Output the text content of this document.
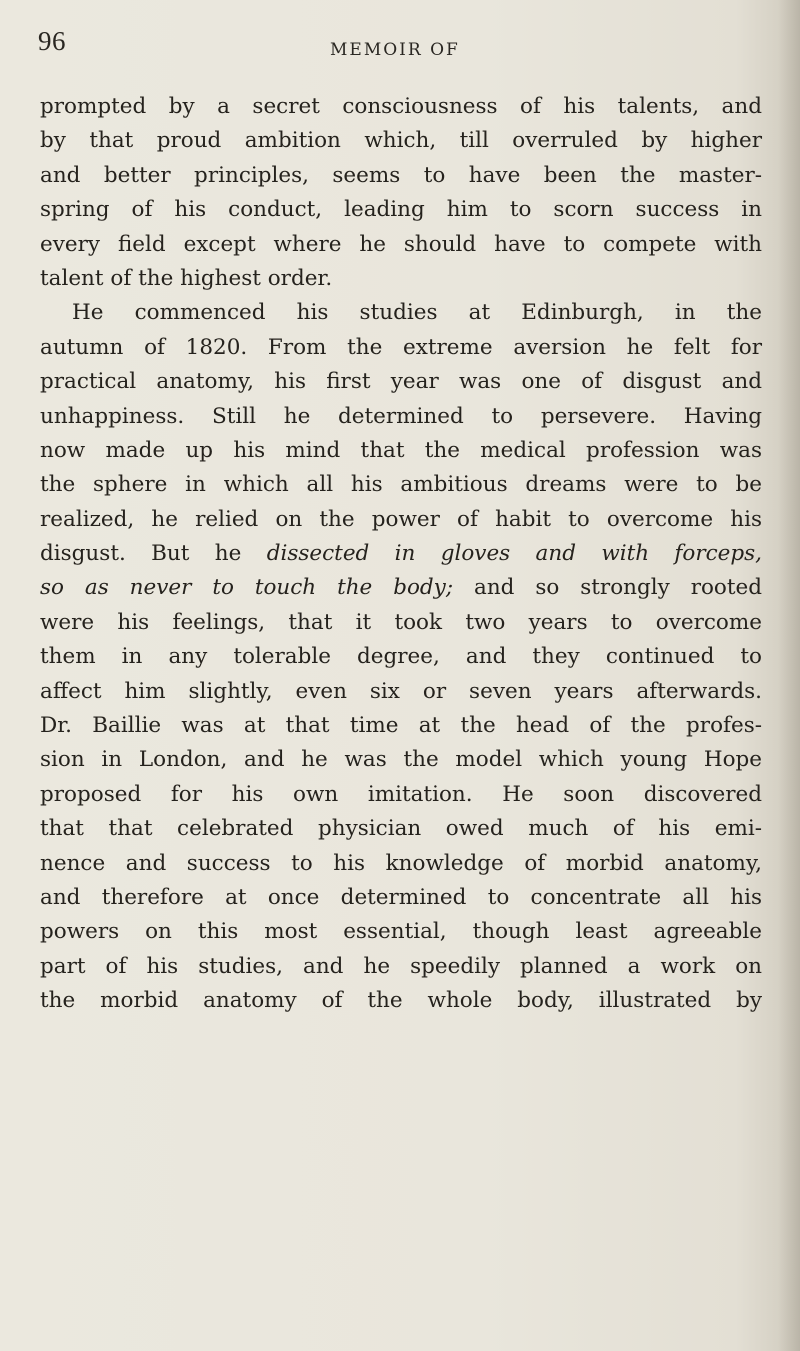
96	MEMOIR OF
prompted by a secret consciousness of his talents, and
by that proud ambition which, till overruled by higher
and better principles, seems to have been the master-
spring of his conduct, leading him to scorn success in
every field except where he should have to compete with
talent of the highest order.
He commenced his studies at Edinburgh, in the
autumn of 1820. From the extreme aversion he felt for
practical anatomy, his first year was one of disgust and
unhappiness. Still he determined to persevere. Having
now made up his mind that the medical profession was
the sphere in which all his ambitious dreams were to be
realized, he relied on the power of habit to overcome his
disgust. But he dissected in gloves and with forceps,
so as never to touch the body; and so strongly rooted
were his feelings, that it took two years to overcome
them in any tolerable degree, and they continued to
affect him slightly, even six or seven years afterwards.
Dr. Baillie was at that time at the head of the profes-
sion in London, and he was the model which young Hope
proposed for his own imitation. He soon discovered
that that celebrated physician owed much of his emi-
nence and success to his knowledge of morbid anatomy,
and therefore at once determined to concentrate all his
powers on this most essential, though least agreeable
part of his studies, and he speedily planned a work on
the morbid anatomy of the whole body, illustrated by
